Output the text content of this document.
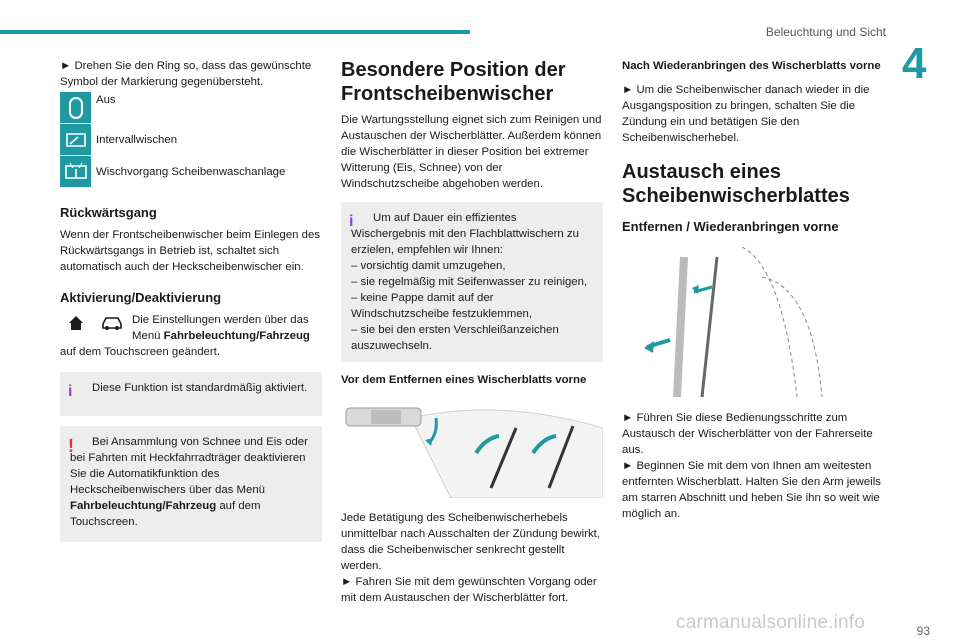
Beleuchtung und Sicht
4

► Drehen Sie den Ring so, dass das gewünschte Symbol der Markierung gegenübersteht.

Aus
Intervallwischen
Wischvorgang Scheibenwaschanlage
Rückwärtsgang

Wenn der Frontscheibenwischer beim Einlegen des Rückwärtsgangs in Betrieb ist, schaltet sich automatisch auch der Heckscheibenwischer ein.

Aktivierung/Deaktivierung

Die Einstellungen werden über das Menü Fahrbeleuchtung/Fahrzeug

auf dem Touchscreen geändert.

i	Diese Funktion ist standardmäßig aktiviert.

!	Bei Ansammlung von Schnee und Eis oder bei Fahrten mit Heckfahrradträger deaktivieren Sie die Automatikfunktion des Heckscheibenwischers über das Menü Fahrbeleuchtung/Fahrzeug auf dem Touchscreen.

Besondere Position der Frontscheibenwischer

Die Wartungsstellung eignet sich zum Reinigen und Austauschen der Wischerblätter. Außerdem können die Wischerblätter in dieser Position bei extremer Witterung (Eis, Schnee) von der Windschutzscheibe abgehoben werden.

i	Um auf Dauer ein effizientes Wischergebnis mit den Flachblattwischern zu erzielen, empfehlen wir Ihnen:

– vorsichtig damit umzugehen,

– sie regelmäßig mit Seifenwasser zu reinigen,

– keine Pappe damit auf der Windschutzscheibe festzuklemmen,

– sie bei den ersten Verschleißanzeichen auszuwechseln.

Vor dem Entfernen eines Wischerblatts vorne

Jede Betätigung des Scheibenwischerhebels unmittelbar nach Ausschalten der Zündung bewirkt, dass die Scheibenwischer senkrecht gestellt werden.

► Fahren Sie mit dem gewünschten Vorgang oder mit dem Austauschen der Wischerblätter fort.

Nach Wiederanbringen des Wischerblatts vorne

► Um die Scheibenwischer danach wieder in die Ausgangsposition zu bringen, schalten Sie die Zündung ein und betätigen Sie den Scheibenwischerhebel.

Austausch eines Scheibenwischerblattes
Entfernen / Wiederanbringen vorne

► Führen Sie diese Bedienungsschritte zum Austausch der Wischerblätter von der Fahrerseite aus.

► Beginnen Sie mit dem von Ihnen am weitesten entfernten Wischerblatt. Halten Sie den Arm jeweils am starren Abschnitt und heben Sie ihn so weit wie möglich an.

carmanualsonline.info	93
